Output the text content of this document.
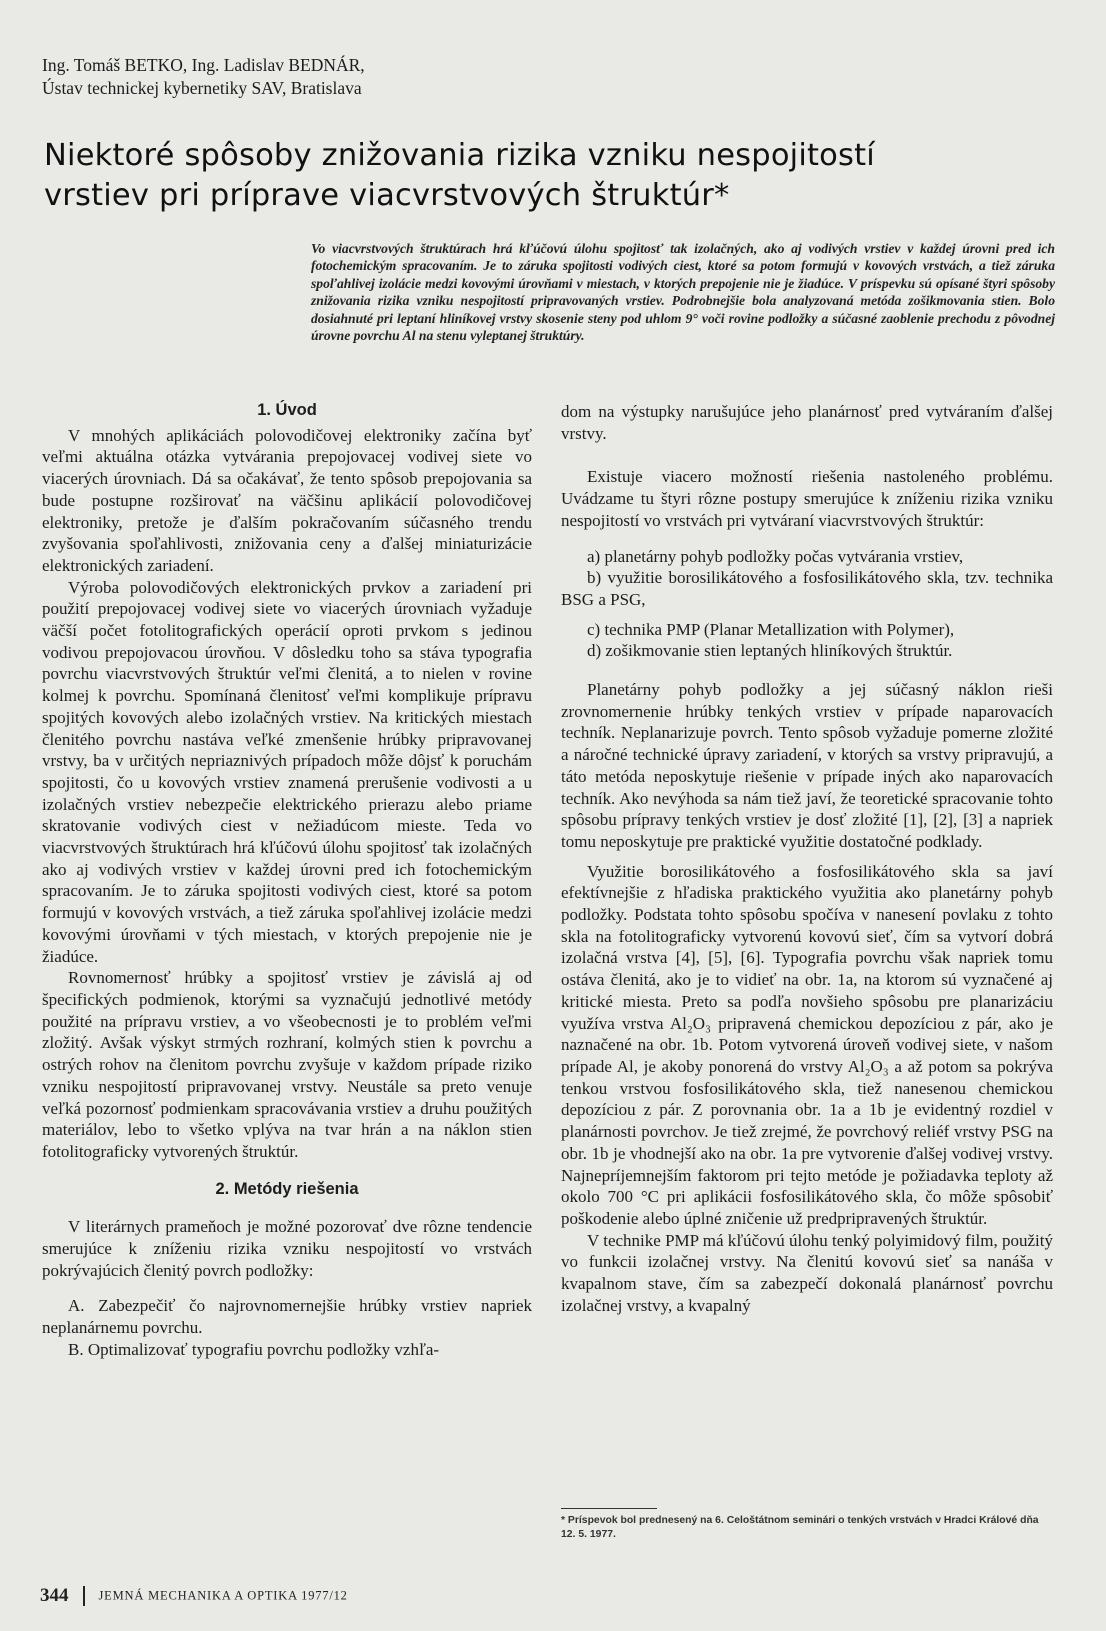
Ing. Tomáš BETKO, Ing. Ladislav BEDNÁR,
Ústav technickej kybernetiky SAV, Bratislava
Niektoré spôsoby znižovania rizika vzniku nespojitostí
vrstiev pri príprave viacvrstvových štruktúr*
Vo viacvrstvových štruktúrach hrá kľúčovú úlohu spojitosť tak izolačných, ako aj vodivých vrstiev v každej úrovni pred ich fotochemickým spracovaním. Je to záruka spojitosti vodivých ciest, ktoré sa potom formujú v kovových vrstvách, a tiež záruka spoľahlivej izolácie medzi kovovými úrovňami v miestach, v ktorých prepojenie nie je žiadúce. V príspevku sú opísané štyri spôsoby znižovania rizika vzniku nespojitostí pripravovaných vrstiev. Podrobnejšie bola analyzovaná metóda zošikmovania stien. Bolo dosiahnuté pri leptaní hliníkovej vrstvy skosenie steny pod uhlom 9° voči rovine podložky a súčasné zaoblenie prechodu z pôvodnej úrovne povrchu Al na stenu vyleptanej štruktúry.
1. Úvod

V mnohých aplikáciách polovodičovej elektroniky začína byť veľmi aktuálna otázka vytvárania prepojovacej vodivej siete vo viacerých úrovniach. Dá sa očakávať, že tento spôsob prepojovania sa bude postupne rozširovať na väčšinu aplikácií polovodičovej elektroniky, pretože je ďalším pokračovaním súčasného trendu zvyšovania spoľahlivosti, znižovania ceny a ďalšej miniaturizácie elektronických zariadení.

Výroba polovodičových elektronických prvkov a zariadení pri použití prepojovacej vodivej siete vo viacerých úrovniach vyžaduje väčší počet fotolitografických operácií oproti prvkom s jedinou vodivou prepojovacou úrovňou. V dôsledku toho sa stáva typografia povrchu viacvrstvových štruktúr veľmi členitá, a to nielen v rovine kolmej k povrchu. Spomínaná členitosť veľmi komplikuje prípravu spojitých kovových alebo izolačných vrstiev. Na kritických miestach členitého povrchu nastáva veľké zmenšenie hrúbky pripravovanej vrstvy, ba v určitých nepriaznivých prípadoch môže dôjsť k poruchám spojitosti, čo u kovových vrstiev znamená prerušenie vodivosti a u izolačných vrstiev nebezpečie elektrického prierazu alebo priame skratovanie vodivých ciest v nežiadúcom mieste. Teda vo viacvrstvových štruktúrach hrá kľúčovú úlohu spojitosť tak izolačných ako aj vodivých vrstiev v každej úrovni pred ich fotochemickým spracovaním. Je to záruka spojitosti vodivých ciest, ktoré sa potom formujú v kovových vrstvách, a tiež záruka spoľahlivej izolácie medzi kovovými úrovňami v tých miestach, v ktorých prepojenie nie je žiadúce.

Rovnomernosť hrúbky a spojitosť vrstiev je závislá aj od špecifických podmienok, ktorými sa vyznačujú jednotlivé metódy použité na prípravu vrstiev, a vo všeobecnosti je to problém veľmi zložitý. Avšak výskyt strmých rozhraní, kolmých stien k povrchu a ostrých rohov na členitom povrchu zvyšuje v každom prípade riziko vzniku nespojitostí pripravovanej vrstvy. Neustále sa preto venuje veľká pozornosť podmienkam spracovávania vrstiev a druhu použitých materiálov, lebo to všetko vplýva na tvar hrán a na náklon stien fotolitograficky vytvorených štruktúr.

2. Metódy riešenia

V literárnych prameňoch je možné pozorovať dve rôzne tendencie smerujúce k zníženiu rizika vzniku nespojitostí vo vrstvách pokrývajúcich členitý povrch podložky:

A. Zabezpečiť čo najrovnomernejšie hrúbky vrstiev napriek neplanárnemu povrchu.

B. Optimalizovať typografiu povrchu podložky vzhľa-

dom na výstupky narušujúce jeho planárnosť pred vytváraním ďalšej vrstvy.

Existuje viacero možností riešenia nastoleného problému. Uvádzame tu štyri rôzne postupy smerujúce k zníženiu rizika vzniku nespojitostí vo vrstvách pri vytváraní viacvrstvových štruktúr:

a) planetárny pohyb podložky počas vytvárania vrstiev,

b) využitie borosilikátového a fosfosilikátového skla, tzv. technika BSG a PSG,

c) technika PMP (Planar Metallization with Polymer),

d) zošikmovanie stien leptaných hliníkových štruktúr.

Planetárny pohyb podložky a jej súčasný náklon rieši zrovnomernenie hrúbky tenkých vrstiev v prípade naparovacích techník. Neplanarizuje povrch. Tento spôsob vyžaduje pomerne zložité a náročné technické úpravy zariadení, v ktorých sa vrstvy pripravujú, a táto metóda neposkytuje riešenie v prípade iných ako naparovacích techník. Ako nevýhoda sa nám tiež javí, že teoretické spracovanie tohto spôsobu prípravy tenkých vrstiev je dosť zložité [1], [2], [3] a napriek tomu neposkytuje pre praktické využitie dostatočné podklady.

Využitie borosilikátového a fosfosilikátového skla sa javí efektívnejšie z hľadiska praktického využitia ako planetárny pohyb podložky. Podstata tohto spôsobu spočíva v nanesení povlaku z tohto skla na fotolitograficky vytvorenú kovovú sieť, čím sa vytvorí dobrá izolačná vrstva [4], [5], [6]. Typografia povrchu však napriek tomu ostáva členitá, ako je to vidieť na obr. 1a, na ktorom sú vyznačené aj kritické miesta. Preto sa podľa novšieho spôsobu pre planarizáciu využíva vrstva Al₂O₃ pripravená chemickou depozíciou z pár, ako je naznačené na obr. 1b. Potom vytvorená úroveň vodivej siete, v našom prípade Al, je akoby ponorená do vrstvy Al₂O₃ a až potom sa pokrýva tenkou vrstvou fosfosilikátového skla, tiež nanesenou chemickou depozíciou z pár. Z porovnania obr. 1a a 1b je evidentný rozdiel v planárnosti povrchov. Je tiež zrejmé, že povrchový reliéf vrstvy PSG na obr. 1b je vhodnejší ako na obr. 1a pre vytvorenie ďalšej vodivej vrstvy. Najnepríjemnejším faktorom pri tejto metóde je požiadavka teploty až okolo 700 °C pri aplikácii fosfosilikátového skla, čo môže spôsobiť poškodenie alebo úplné zničenie už predpripravených štruktúr.

V technike PMP má kľúčovú úlohu tenký polyimidový film, použitý vo funkcii izolačnej vrstvy. Na členitú kovovú sieť sa nanáša v kvapalnom stave, čím sa zabezpečí dokonalá planárnosť povrchu izolačnej vrstvy, a kvapalný

* Príspevok bol prednesený na 6. Celoštátnom seminári o tenkých vrstvách v Hradci Králové dňa 12. 5. 1977.
344 JEMNÁ MECHANIKA A OPTIKA 1977/12
